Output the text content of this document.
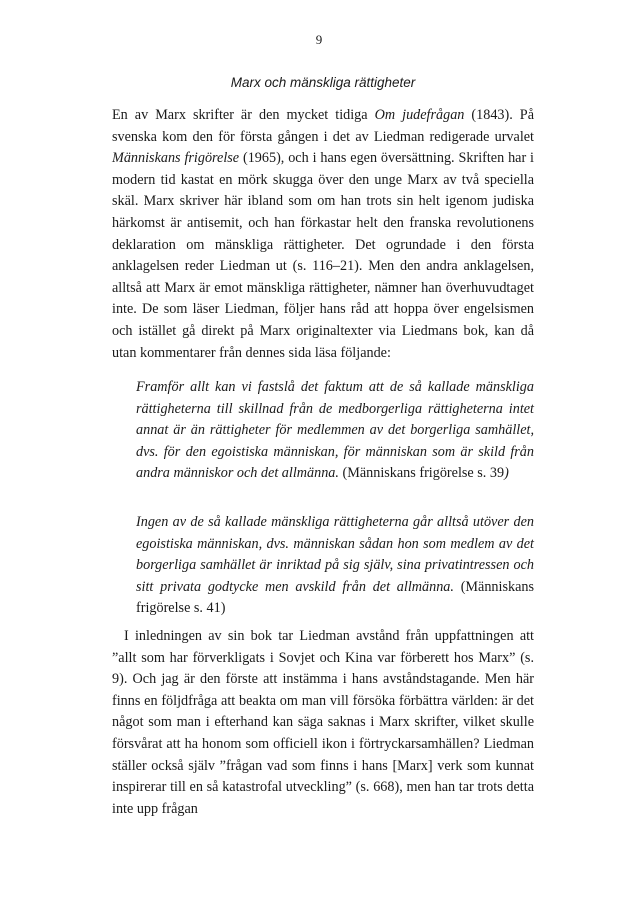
9
Marx och mänskliga rättigheter

En av Marx skrifter är den mycket tidiga Om judefrågan (1843). På svenska kom den för första gången i det av Liedman redigerade urvalet Människans frigörelse (1965), och i hans egen översättning. Skriften har i modern tid kastat en mörk skugga över den unge Marx av två speciella skäl. Marx skriver här ibland som om han trots sin helt igenom judiska härkomst är antisemit, och han förkastar helt den franska revolutionens deklaration om mänskliga rättigheter. Det ogrundade i den första anklagelsen reder Liedman ut (s. 116–21). Men den andra anklagelsen, alltså att Marx är emot mänskliga rättigheter, nämner han överhuvudtaget inte. De som läser Liedman, följer hans råd att hoppa över engelsismen och istället gå direkt på Marx originaltexter via Liedmans bok, kan då utan kommentarer från dennes sida läsa följande:

Framför allt kan vi fastslå det faktum att de så kallade mänskliga rättigheterna till skillnad från de medborgerliga rättigheterna intet annat är än rättigheter för medlemmen av det borgerliga samhället, dvs. för den egoistiska människan, för människan som är skild från andra människor och det allmänna. (Människans frigörelse s. 39)
Ingen av de så kallade mänskliga rättigheterna går alltså utöver den egoistiska människan, dvs. människan sådan hon som medlem av det borgerliga samhället är inriktad på sig själv, sina privatintressen och sitt privata godtycke men avskild från det allmänna. (Människans frigörelse s. 41)

I inledningen av sin bok tar Liedman avstånd från uppfattningen att ”allt som har förverkligats i Sovjet och Kina var förberett hos Marx” (s. 9). Och jag är den förste att instämma i hans avståndstagande. Men här finns en följdfråga att beakta om man vill försöka förbättra världen: är det något som man i efterhand kan säga saknas i Marx skrifter, vilket skulle försvårat att ha honom som officiell ikon i förtryckarsamhällen? Liedman ställer också själv ”frågan vad som finns i hans [Marx] verk som kunnat inspirerar till en så katastrofal utveckling” (s. 668), men han tar trots detta inte upp frågan
